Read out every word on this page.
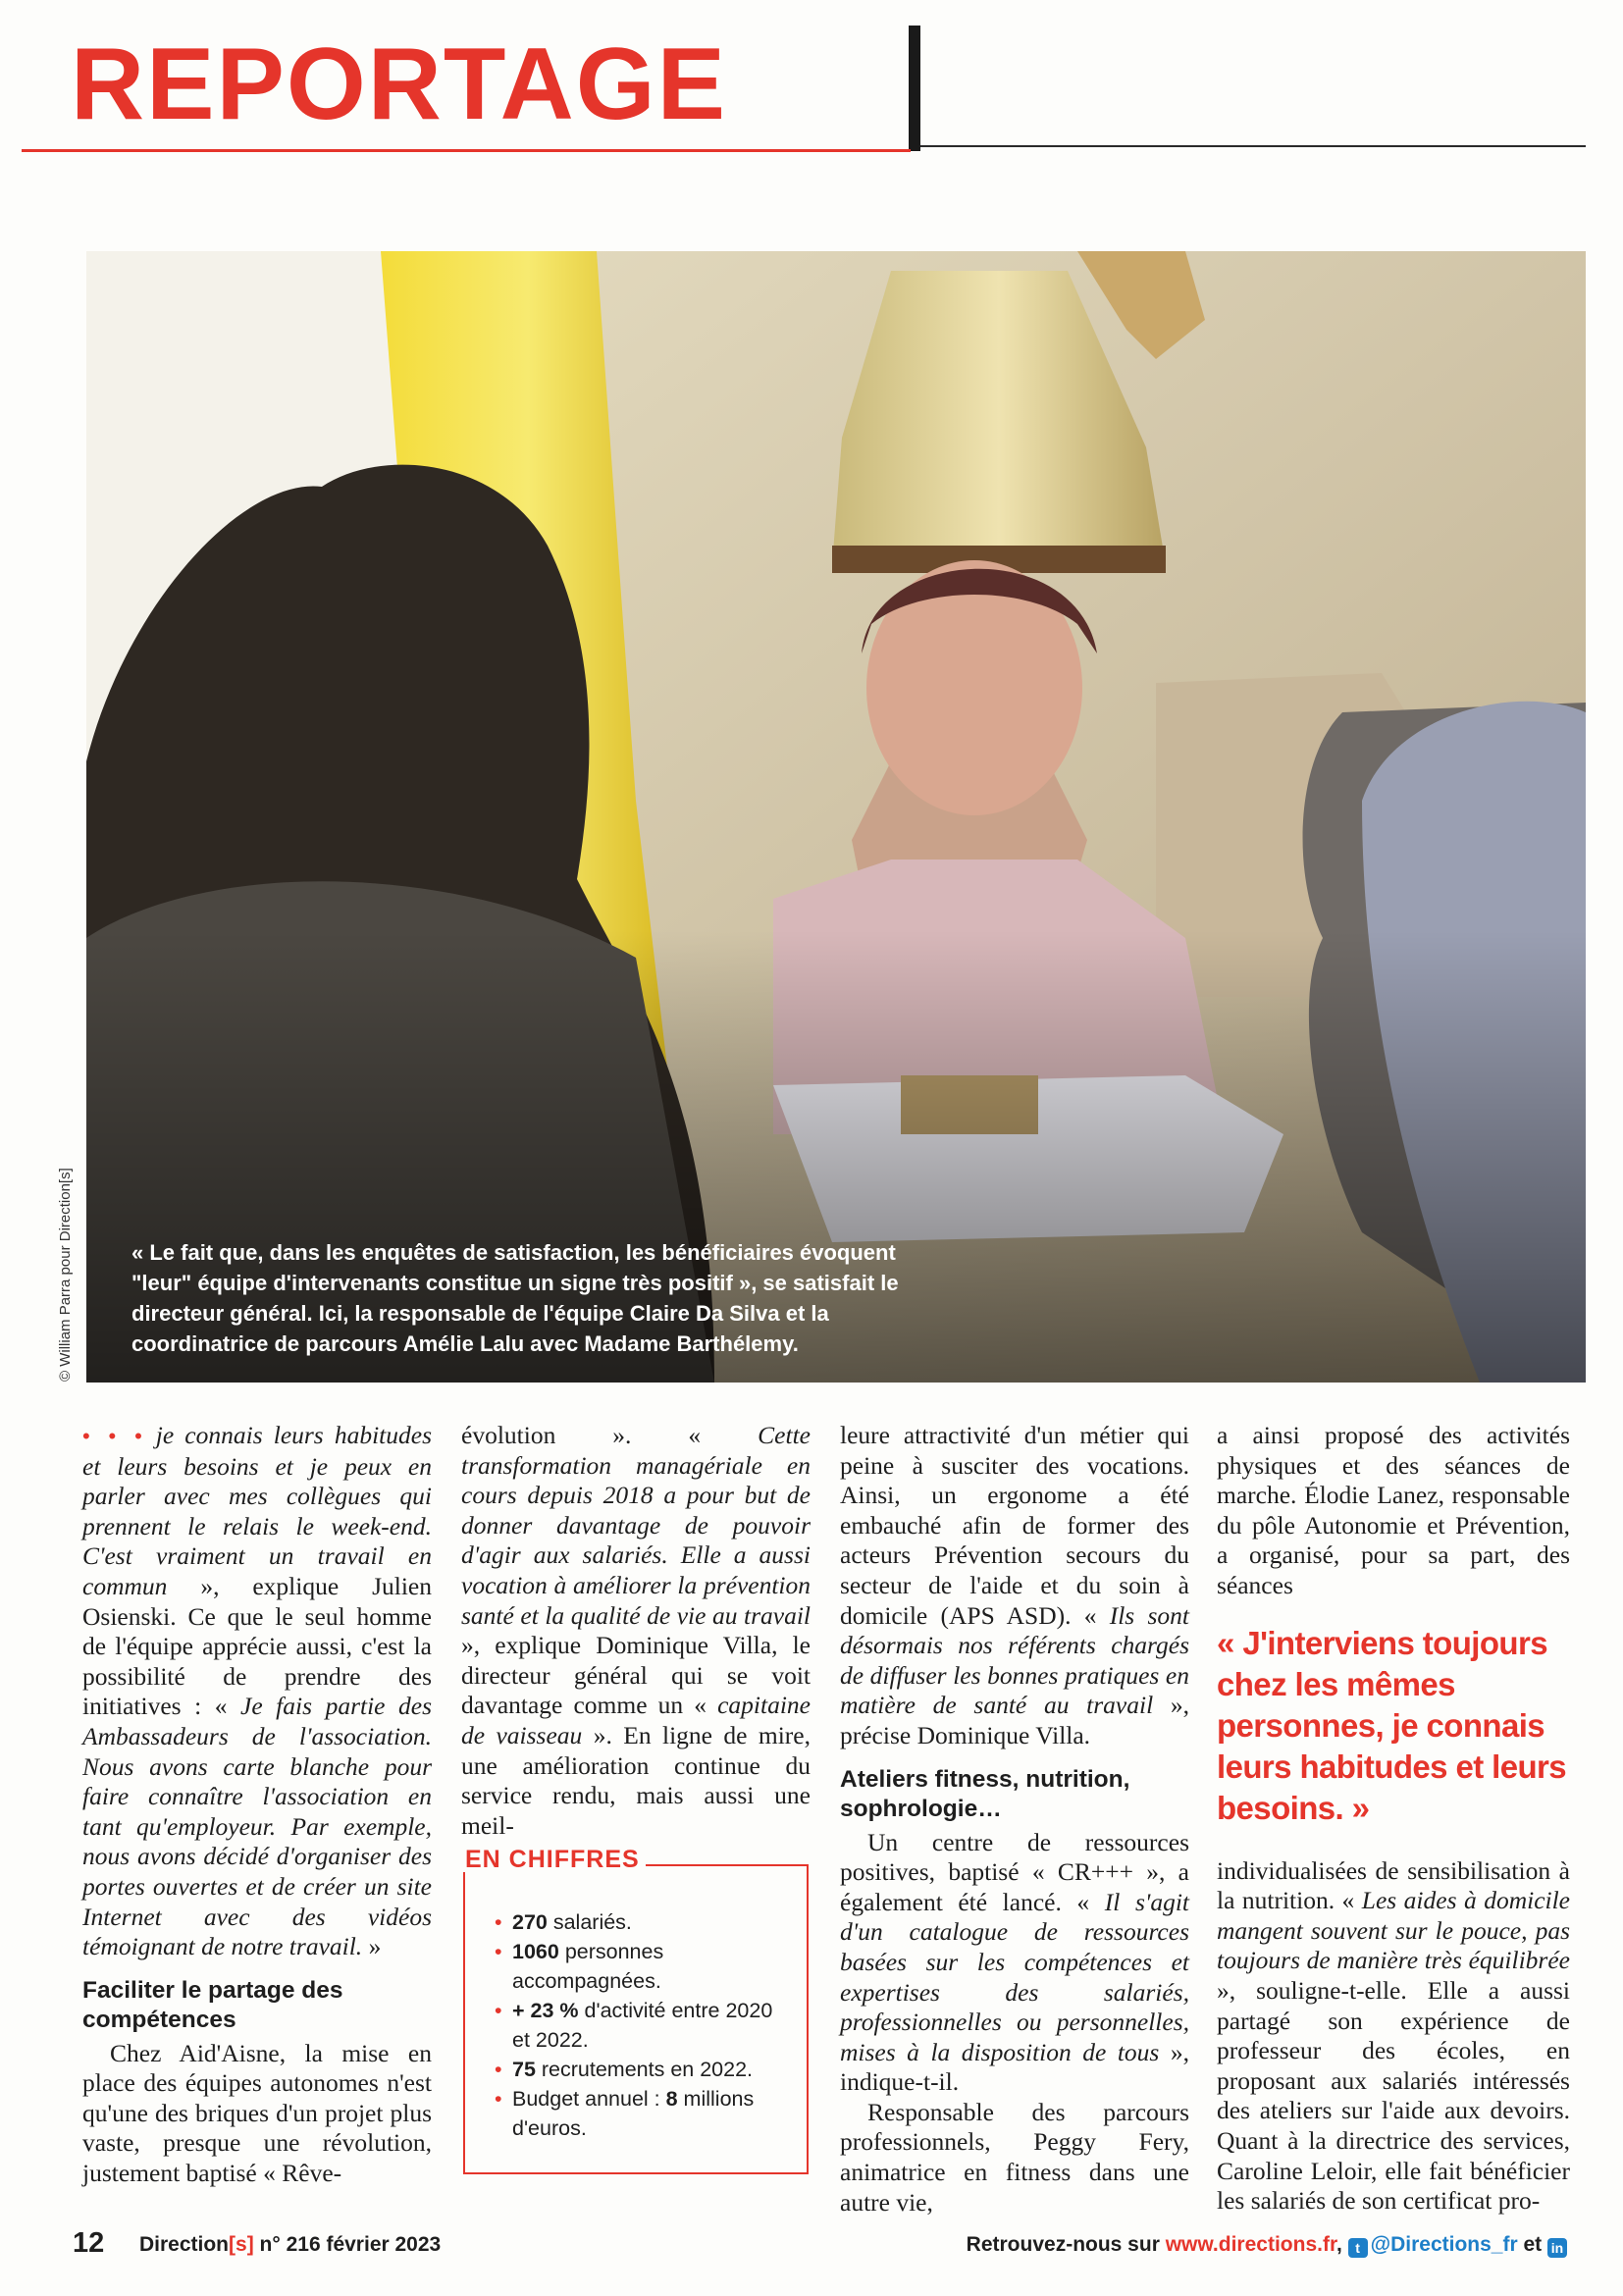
REPORTAGE
« Le fait que, dans les enquêtes de satisfaction, les bénéficiaires évoquent "leur" équipe d'intervenants constitue un signe très positif », se satisfait le directeur général. Ici, la responsable de l'équipe Claire Da Silva et la coordinatrice de parcours Amélie Lalu avec Madame Barthélemy.
© William Parra pour Direction[s]

• • • je connais leurs habitudes et leurs besoins et je peux en parler avec mes collègues qui prennent le relais le week-end. C'est vraiment un travail en commun », explique Julien Osienski. Ce que le seul homme de l'équipe apprécie aussi, c'est la possibilité de prendre des initiatives : « Je fais partie des Ambassadeurs de l'association. Nous avons carte blanche pour faire connaître l'association en tant qu'employeur. Par exemple, nous avons décidé d'organiser des portes ouvertes et de créer un site Internet avec des vidéos témoignant de notre travail. »

Faciliter le partage des compétences

Chez Aid'Aisne, la mise en place des équipes autonomes n'est qu'une des briques d'un projet plus vaste, presque une révolution, justement baptisé « Rêve-

évolution ». « Cette transformation managériale en cours depuis 2018 a pour but de donner davantage de pouvoir d'agir aux salariés. Elle a aussi vocation à améliorer la prévention santé et la qualité de vie au travail », explique Dominique Villa, le directeur général qui se voit davantage comme un « capitaine de vaisseau ». En ligne de mire, une amélioration continue du service rendu, mais aussi une meil-

EN CHIFFRES
• 270 salariés.
• 1060 personnes accompagnées.
• + 23 % d'activité entre 2020 et 2022.
• 75 recrutements en 2022.
• Budget annuel : 8 millions d'euros.

leure attractivité d'un métier qui peine à susciter des vocations. Ainsi, un ergonome a été embauché afin de former des acteurs Prévention secours du secteur de l'aide et du soin à domicile (APS ASD). « Ils sont désormais nos référents chargés de diffuser les bonnes pratiques en matière de santé au travail », précise Dominique Villa.

Ateliers fitness, nutrition, sophrologie…

Un centre de ressources positives, baptisé « CR+++ », a également été lancé. « Il s'agit d'un catalogue de ressources basées sur les compétences et expertises des salariés, professionnelles ou personnelles, mises à la disposition de tous », indique-t-il.

Responsable des parcours professionnels, Peggy Fery, animatrice en fitness dans une autre vie,

a ainsi proposé des activités physiques et des séances de marche. Élodie Lanez, responsable du pôle Autonomie et Prévention, a organisé, pour sa part, des séances

« J'interviens toujours chez les mêmes personnes, je connais leurs habitudes et leurs besoins. »

individualisées de sensibilisation à la nutrition. « Les aides à domicile mangent souvent sur le pouce, pas toujours de manière très équilibrée », souligne-t-elle. Elle a aussi partagé son expérience de professeur des écoles, en proposant aux salariés intéressés des ateliers sur l'aide aux devoirs. Quant à la directrice des services, Caroline Leloir, elle fait bénéficier les salariés de son certificat pro-

12 Direction[s] n° 216 février 2023	Retrouvez-nous sur www.directions.fr, t @Directions_fr et in
